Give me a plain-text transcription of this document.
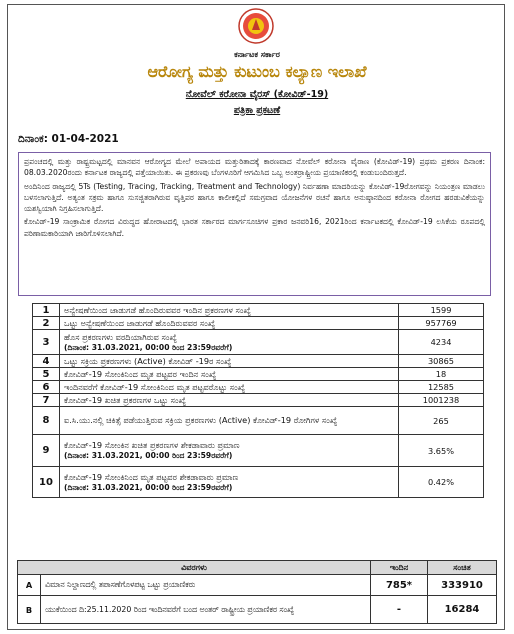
ಕರ್ನಾಟಕ ಸರ್ಕಾರ
ಆರೋಗ್ಯ ಮತ್ತು ಕುಟುಂಬ ಕಲ್ಯಾಣ ಇಲಾಖೆ
ನೋವೆಲ್ ಕರೋನಾ ವೈರಸ್ (ಕೋವಿಡ್-19)
ಪತ್ರಿಕಾ ಪ್ರಕಟಣೆ
ದಿನಾಂಕ: 01-04-2021

ಪ್ರಪಂಚದಲ್ಲಿ ಮತ್ತು ರಾಷ್ಟ್ರಮಟ್ಟದಲ್ಲಿ ಮಾನವನ ಆರೋಗ್ಯದ ಮೇಲೆ ಅಪಾಯದ ಮತ್ತುರಿತಾದಕ್ಕೆ ಕಾರಣವಾದ ನೋವೆಲ್ ಕರೋನಾ ವೈರಾಣ (ಕೋವಿಡ್-19) ಪ್ರಥಮ ಪ್ರಕರಣ ದಿನಾಂಕ: 08.03.2020ರಂದು ಕರ್ನಾಟಕ ರಾಜ್ಯದಲ್ಲಿ ಪತ್ತೆಯಾಯಿತು. ಈ ಪ್ರಕರಣವು ಬೆಂಗಳೂರಿಗೆ ಆಗಮಿಸಿದ ಒಬ್ಬ ಅಂತರ್ರಾಷ್ಟ್ರೀಯ ಪ್ರಯಾಣಿಕರಲ್ಲಿ ಕಂಡುಬಂದಿರುತ್ತದೆ.

ಅಂದಿನಿಂದ ರಾಜ್ಯದಲ್ಲಿ 5Ts (Testing, Tracing, Tracking, Treatment and Technology) ನಿರ್ವಹಣಾ ಮಾದರಿಯನ್ನು ಕೋವಿಡ್-19ರೋಗವನ್ನು ನಿಯಂತ್ರಣ ಮಾಡಲು ಬಳಸಲಾಗುತ್ತಿದೆ. ಅತ್ಯಂತ ಸಕ್ರಮ ಹಾಗೂ ಸುಸಜ್ಜಿತರಾಗಿರುವ ವೃತ್ತಿಪರ ಹಾಗೂ ಕಾಲೀಕಲ್ಲಿದೆ ಸಮಗ್ರವಾದ ಯೋಜನೆಗಳ ರಚನೆ ಹಾಗೂ ಅನುಷ್ಠಾನದಿಂದ ಕರೋನಾ ರೋಗದ ಹರಡುವಿಕೆಯನ್ನು ಯಶಸ್ವಿಯಾಗಿ ನಿಗ್ರಹಿಸಲಾಗುತ್ತಿದೆ.

ಕೋವಿಡ್-19 ಸಾಂಕ್ರಾಮಿಕ ರೋಗದ ವಿರುದ್ಧದ ಹೋರಾಟದಲ್ಲಿ ಭಾರತ ಸರ್ಕಾರದ ಮಾರ್ಗಸೂಚಿಗಳ ಪ್ರಕಾರ ಜನವರಿ16, 2021ರಿಂದ ಕರ್ನಾಟಕದಲ್ಲಿ ಕೋವಿಡ್-19 ಲಸಿಕೆಯ ರೂಪದಲ್ಲಿ ಪರಿಣಾಮಕಾರಿಯಾಗಿ ಜಾರಿಗೊಳಿಸಲಾಗಿದೆ.

1	ಅನ್ವೇಷಣೆಯಿಂದ ಜಾಡುಗಡೆ ಹೊಂದಿರುವವರ ಇಂದಿನ ಪ್ರಕರಣಗಳ ಸಂಖ್ಯೆ	1599
2	ಒಟ್ಟು ಅನ್ವೇಷಣೆಯಿಂದ ಜಾಡುಗಡೆ ಹೊಂದಿರುವವರ ಸಂಖ್ಯೆ	957769
3	ಹೊಸ ಪ್ರಕರಣಗಳು ವರದಿಯಾಗಿರುವ ಸಂಖ್ಯೆ
(ದಿನಾಂಕ: 31.03.2021, 00:00 ರಿಂದ 23:59ರವರೆಗೆ)	4234
4	ಒಟ್ಟು ಸಕ್ರಿಯ ಪ್ರಕರಣಗಳು (Active) ಕೋವಿಡ್ -19ರ ಸಂಖ್ಯೆ	30865
5	ಕೋವಿಡ್-19 ಸೋಂಕಿನಿಂದ ಮೃತ ಪಟ್ಟವರ ಇಂದಿನ ಸಂಖ್ಯೆ	18
6	ಇಂದಿನವರೆಗೆ ಕೋವಿಡ್-19 ಸೋಂಕಿನಿಂದ ಮೃತ ಪಟ್ಟವರೊಟ್ಟು ಸಂಖ್ಯೆ	12585
7	ಕೋವಿಡ್-19 ಖಚಿತ ಪ್ರಕರಣಗಳ ಒಟ್ಟು ಸಂಖ್ಯೆ	1001238
8	ಐ.ಸಿ.ಯು.ನಲ್ಲಿ ಚಿಕಿತ್ಸೆ ಪಡೆಯುತ್ತಿರುವ ಸಕ್ರಿಯ ಪ್ರಕರಣಗಳು (Active) ಕೋವಿಡ್-19 ರೋಗಿಗಳ ಸಂಖ್ಯೆ	265
9	ಕೋವಿಡ್-19 ಸೋಂಕಿನ ಖಚಿತ ಪ್ರಕರಣಗಳ ಶೇಕಡಾವಾರು ಪ್ರಮಾಣ
(ದಿನಾಂಕ: 31.03.2021, 00:00 ರಿಂದ 23:59ರವರೆಗೆ)	3.65%
10	ಕೋವಿಡ್-19 ಸೋಂಕಿನಿಂದ ಮೃತ ಪಟ್ಟವರ ಶೇಕಡಾವಾರು ಪ್ರಮಾಣ
(ದಿನಾಂಕ: 31.03.2021, 00:00 ರಿಂದ 23:59ರವರೆಗೆ)	0.42%
ವಿವರಗಳು		ಇಂದಿನ	ಸಂಚಿತ
A	ವಿಮಾನ ನಿಲ್ದಾಣದಲ್ಲಿ ತಪಾಸಣೆಗೊಳಪಟ್ಟ ಒಟ್ಟು ಪ್ರಯಾಣಿಕರು	785*	333910
B	ಯುಕೆಯಿಂದ ದಿ:25.11.2020 ರಿಂದ ಇಂದಿನವರೆಗೆ ಬಂದ ಅಂತರ್ ರಾಷ್ಟ್ರೀಯ ಪ್ರಯಾಣಿಕರ ಸಂಖ್ಯೆ	-	16284
